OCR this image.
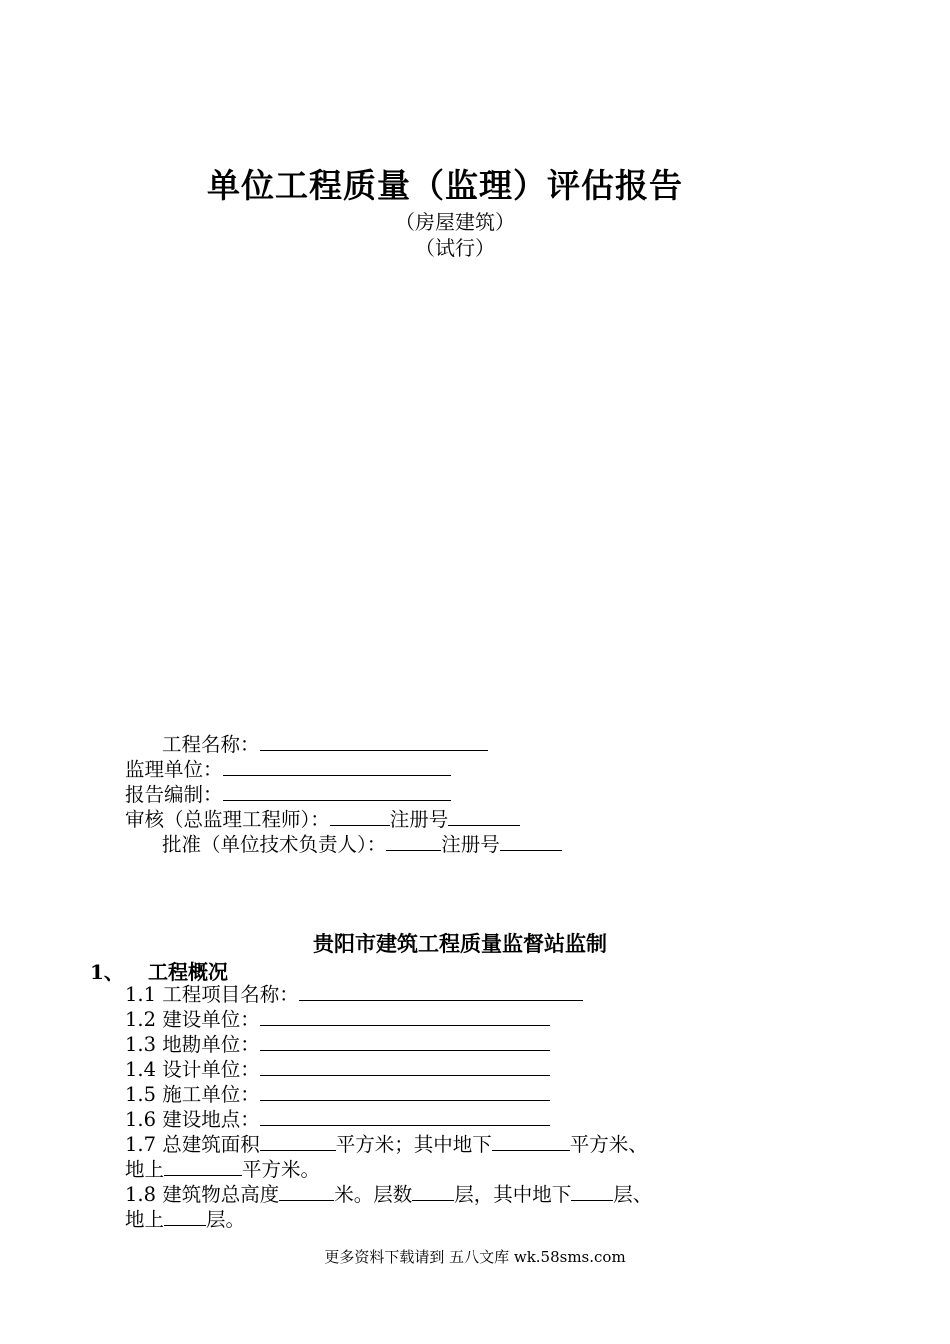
单位工程质量（监理）评估报告
（房屋建筑）
（试行）
工程名称：
监理单位：
报告编制：
审核（总监理工程师）：	注册号
批准（单位技术负责人）：	注册号
贵阳市建筑工程质量监督站监制
1、 工程概况
1.1 工程项目名称：
1.2 建设单位：
1.3 地勘单位：
1.4 设计单位：
1.5 施工单位：
1.6 建设地点：
1.7 总建筑面积	平方米；其中地下	平方米、
地上	平方米。
1.8 建筑物总高度	米。层数 层，其中地下 层、
地上 层。
更多资料下载请到 五八文库 wk.58sms.com
